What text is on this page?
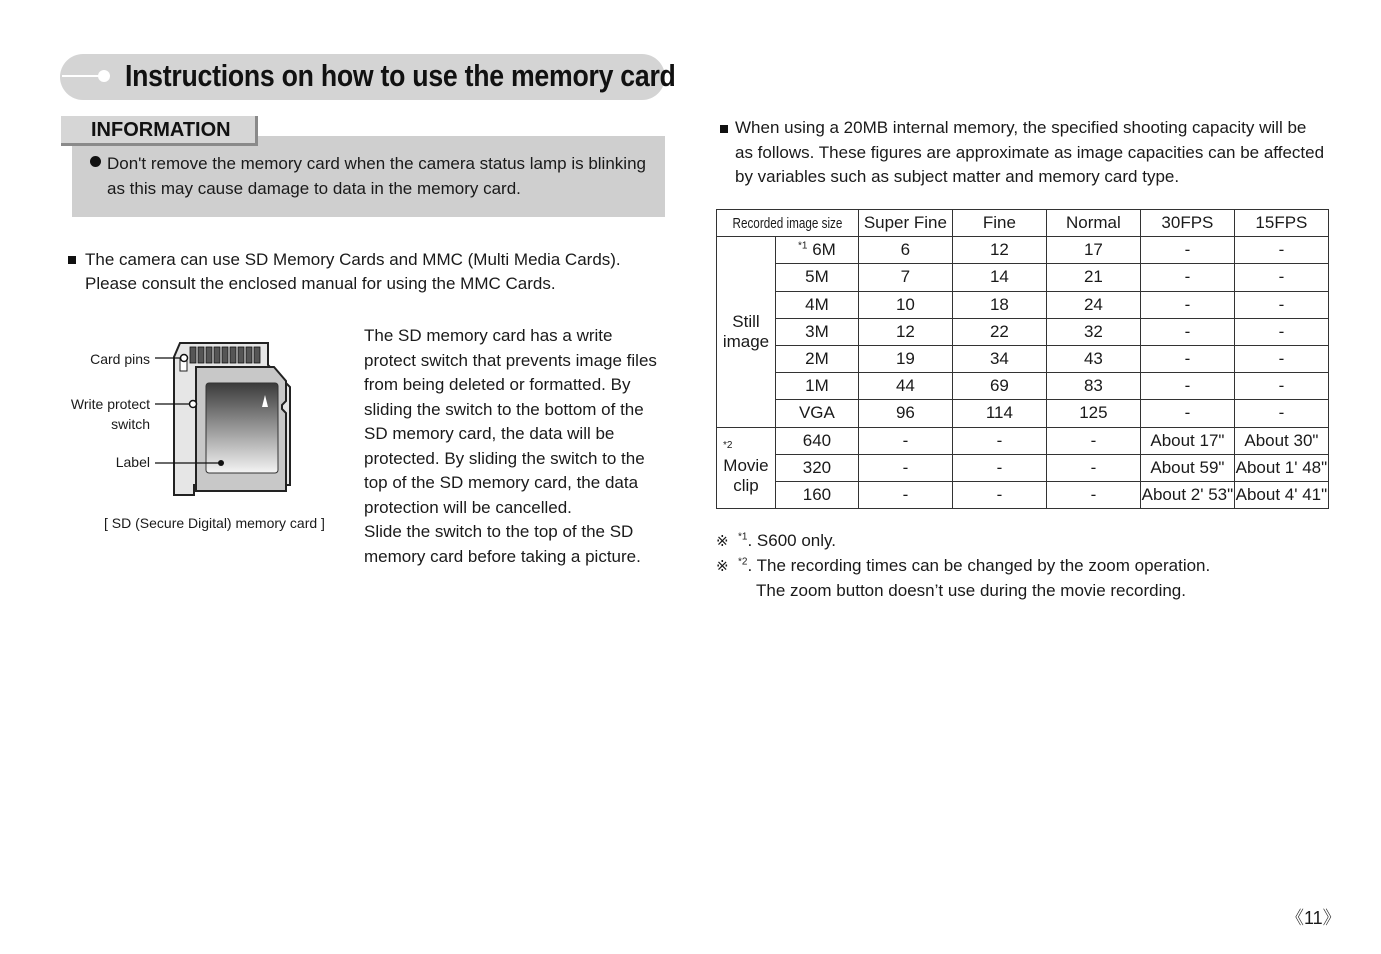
Instructions on how to use the memory card
INFORMATION
Don't remove the memory card when the camera status lamp is blinking as this may cause damage to data in the memory card.
The camera can use SD Memory Cards and MMC (Multi Media Cards). Please consult the enclosed manual for using the MMC Cards.
Card pins
Write protect
switch
Label
[ SD (Secure Digital) memory card ]
The SD memory card has a write protect switch that prevents image files from being deleted or formatted. By sliding the switch to the bottom of the SD memory card, the data will be protected. By sliding the switch to the top of the SD memory card, the data protection will be cancelled.
Slide the switch to the top of the SD memory card before taking a picture.
When using a 20MB internal memory, the specified shooting capacity will be as follows. These figures are approximate as image capacities can be affected by variables such as subject matter and memory card type.
Recorded image size		Super Fine	Fine	Normal	30FPS	15FPS

Still
image	$^{*1}$ 6M	6	12	17	-	-
	5M	7	14	21	-	-
	4M	10	18	24	-	-
	3M	12	22	32	-	-
	2M	19	34	43	-	-
	1M	44	69	83	-	-
	VGA	96	114	125	-	-

$^{*2}$
Movie
clip	640	-	-	-	About 17"	About 30"
	320	-	-	-	About 59"	About 1' 48"
	160	-	-	-	About 2' 53"	About 4' 41"
※ $^{*1}$. S600 only.
※ $^{*2}$. The recording times can be changed by the zoom operation.
The zoom button doesn’t use during the movie recording.
《11》
